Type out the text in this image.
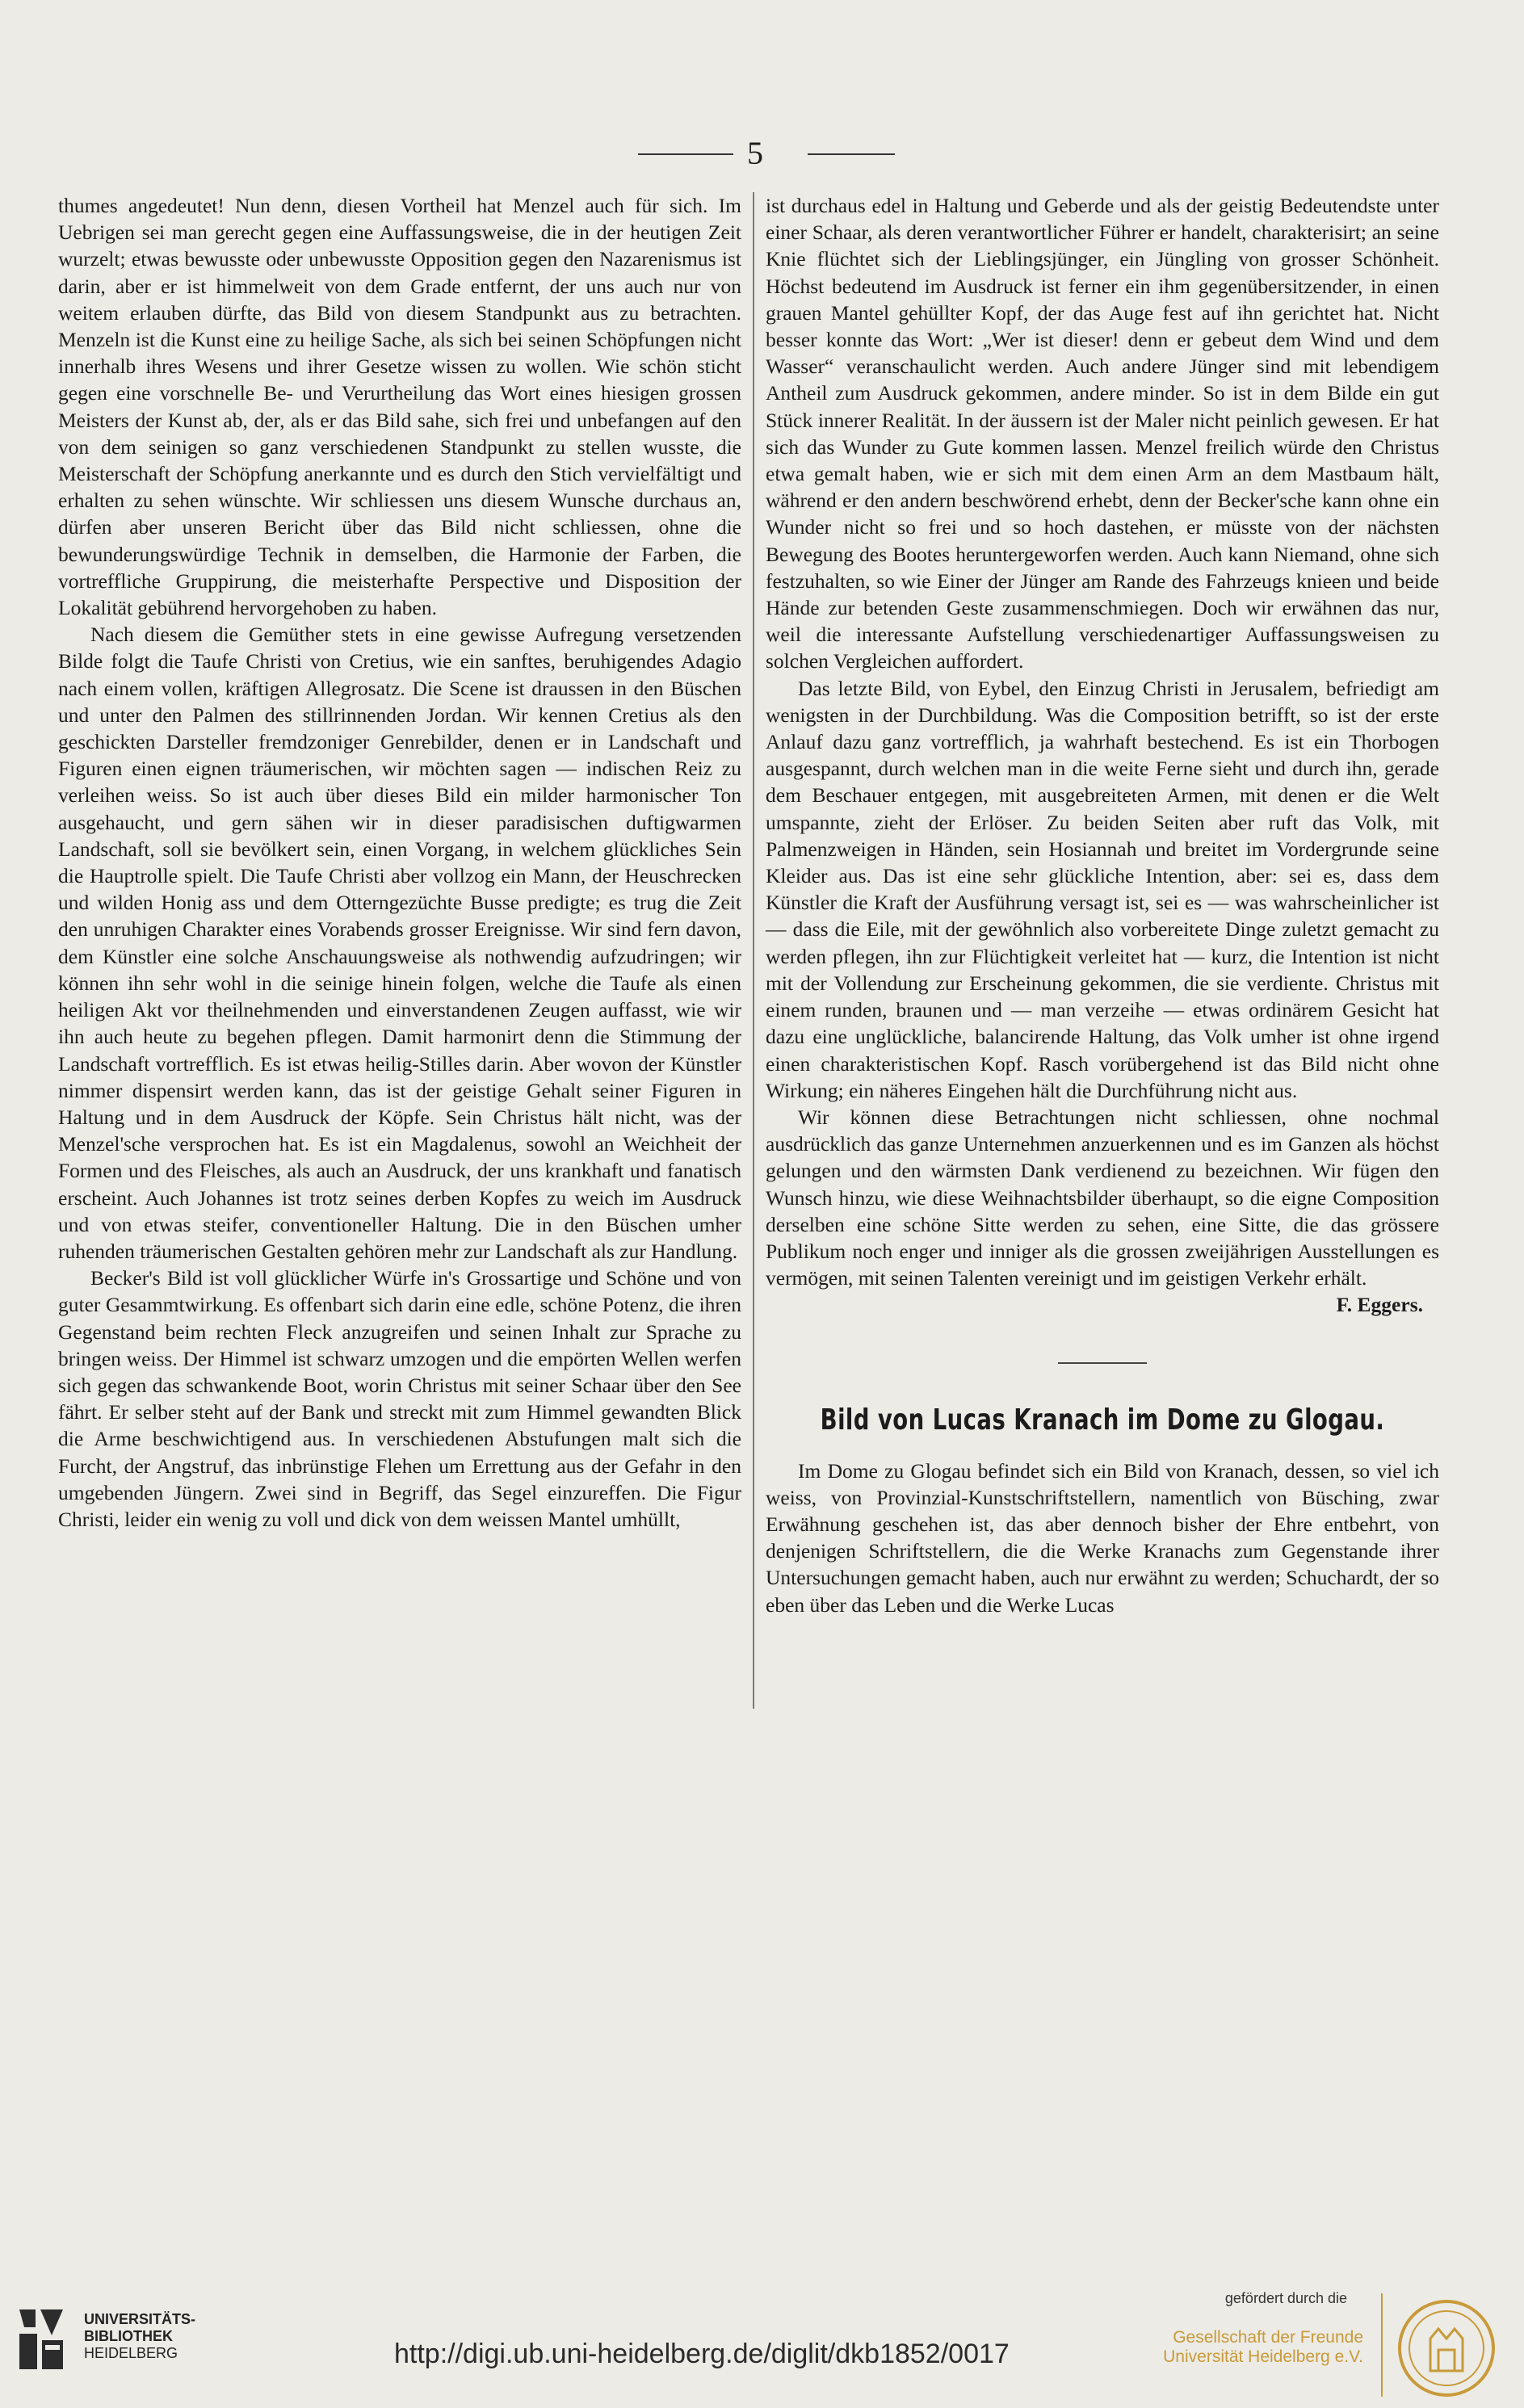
5

thumes angedeutet! Nun denn, diesen Vortheil hat Menzel auch für sich. Im Uebrigen sei man gerecht gegen eine Auffassungsweise, die in der heutigen Zeit wurzelt; etwas bewusste oder unbewusste Opposition gegen den Nazarenismus ist darin, aber er ist himmelweit von dem Grade entfernt, der uns auch nur von weitem erlauben dürfte, das Bild von diesem Standpunkt aus zu betrachten. Menzeln ist die Kunst eine zu heilige Sache, als sich bei seinen Schöpfungen nicht innerhalb ihres Wesens und ihrer Gesetze wissen zu wollen. Wie schön sticht gegen eine vorschnelle Be- und Verurtheilung das Wort eines hiesigen grossen Meisters der Kunst ab, der, als er das Bild sahe, sich frei und unbefangen auf den von dem seinigen so ganz verschiedenen Standpunkt zu stellen wusste, die Meisterschaft der Schöpfung anerkannte und es durch den Stich vervielfältigt und erhalten zu sehen wünschte. Wir schliessen uns diesem Wunsche durchaus an, dürfen aber unseren Bericht über das Bild nicht schliessen, ohne die bewunderungswürdige Technik in demselben, die Harmonie der Farben, die vortreffliche Gruppirung, die meisterhafte Perspective und Disposition der Lokalität gebührend hervorgehoben zu haben.

Nach diesem die Gemüther stets in eine gewisse Aufregung versetzenden Bilde folgt die Taufe Christi von Cretius, wie ein sanftes, beruhigendes Adagio nach einem vollen, kräftigen Allegrosatz. Die Scene ist draussen in den Büschen und unter den Palmen des stillrinnenden Jordan. Wir kennen Cretius als den geschickten Darsteller fremdzoniger Genrebilder, denen er in Landschaft und Figuren einen eignen träumerischen, wir möchten sagen — indischen Reiz zu verleihen weiss. So ist auch über dieses Bild ein milder harmonischer Ton ausgehaucht, und gern sähen wir in dieser paradisischen duftigwarmen Landschaft, soll sie bevölkert sein, einen Vorgang, in welchem glückliches Sein die Hauptrolle spielt. Die Taufe Christi aber vollzog ein Mann, der Heuschrecken und wilden Honig ass und dem Otterngezüchte Busse predigte; es trug die Zeit den unruhigen Charakter eines Vorabends grosser Ereignisse. Wir sind fern davon, dem Künstler eine solche Anschauungsweise als nothwendig aufzudringen; wir können ihn sehr wohl in die seinige hinein folgen, welche die Taufe als einen heiligen Akt vor theilnehmenden und einverstandenen Zeugen auffasst, wie wir ihn auch heute zu begehen pflegen. Damit harmonirt denn die Stimmung der Landschaft vortrefflich. Es ist etwas heilig-Stilles darin. Aber wovon der Künstler nimmer dispensirt werden kann, das ist der geistige Gehalt seiner Figuren in Haltung und in dem Ausdruck der Köpfe. Sein Christus hält nicht, was der Menzel'sche versprochen hat. Es ist ein Magdalenus, sowohl an Weichheit der Formen und des Fleisches, als auch an Ausdruck, der uns krankhaft und fanatisch erscheint. Auch Johannes ist trotz seines derben Kopfes zu weich im Ausdruck und von etwas steifer, conventioneller Haltung. Die in den Büschen umher ruhenden träumerischen Gestalten gehören mehr zur Landschaft als zur Handlung.

Becker's Bild ist voll glücklicher Würfe in's Grossartige und Schöne und von guter Gesammtwirkung. Es offenbart sich darin eine edle, schöne Potenz, die ihren Gegenstand beim rechten Fleck anzugreifen und seinen Inhalt zur Sprache zu bringen weiss. Der Himmel ist schwarz umzogen und die empörten Wellen werfen sich gegen das schwankende Boot, worin Christus mit seiner Schaar über den See fährt. Er selber steht auf der Bank und streckt mit zum Himmel gewandten Blick die Arme beschwichtigend aus. In verschiedenen Abstufungen malt sich die Furcht, der Angstruf, das inbrünstige Flehen um Errettung aus der Gefahr in den umgebenden Jüngern. Zwei sind in Begriff, das Segel einzureffen. Die Figur Christi, leider ein wenig zu voll und dick von dem weissen Mantel umhüllt,

ist durchaus edel in Haltung und Geberde und als der geistig Bedeutendste unter einer Schaar, als deren verantwortlicher Führer er handelt, charakterisirt; an seine Knie flüchtet sich der Lieblingsjünger, ein Jüngling von grosser Schönheit. Höchst bedeutend im Ausdruck ist ferner ein ihm gegenübersitzender, in einen grauen Mantel gehüllter Kopf, der das Auge fest auf ihn gerichtet hat. Nicht besser konnte das Wort: „Wer ist dieser! denn er gebeut dem Wind und dem Wasser“ veranschaulicht werden. Auch andere Jünger sind mit lebendigem Antheil zum Ausdruck gekommen, andere minder. So ist in dem Bilde ein gut Stück innerer Realität. In der äussern ist der Maler nicht peinlich gewesen. Er hat sich das Wunder zu Gute kommen lassen. Menzel freilich würde den Christus etwa gemalt haben, wie er sich mit dem einen Arm an dem Mastbaum hält, während er den andern beschwörend erhebt, denn der Becker'sche kann ohne ein Wunder nicht so frei und so hoch dastehen, er müsste von der nächsten Bewegung des Bootes heruntergeworfen werden. Auch kann Niemand, ohne sich festzuhalten, so wie Einer der Jünger am Rande des Fahrzeugs knieen und beide Hände zur betenden Geste zusammenschmiegen. Doch wir erwähnen das nur, weil die interessante Aufstellung verschiedenartiger Auffassungsweisen zu solchen Vergleichen auffordert.

Das letzte Bild, von Eybel, den Einzug Christi in Jerusalem, befriedigt am wenigsten in der Durchbildung. Was die Composition betrifft, so ist der erste Anlauf dazu ganz vortrefflich, ja wahrhaft bestechend. Es ist ein Thorbogen ausgespannt, durch welchen man in die weite Ferne sieht und durch ihn, gerade dem Beschauer entgegen, mit ausgebreiteten Armen, mit denen er die Welt umspannte, zieht der Erlöser. Zu beiden Seiten aber ruft das Volk, mit Palmenzweigen in Händen, sein Hosiannah und breitet im Vordergrunde seine Kleider aus. Das ist eine sehr glückliche Intention, aber: sei es, dass dem Künstler die Kraft der Ausführung versagt ist, sei es — was wahrscheinlicher ist — dass die Eile, mit der gewöhnlich also vorbereitete Dinge zuletzt gemacht zu werden pflegen, ihn zur Flüchtigkeit verleitet hat — kurz, die Intention ist nicht mit der Vollendung zur Erscheinung gekommen, die sie verdiente. Christus mit einem runden, braunen und — man verzeihe — etwas ordinärem Gesicht hat dazu eine unglückliche, balancirende Haltung, das Volk umher ist ohne irgend einen charakteristischen Kopf. Rasch vorübergehend ist das Bild nicht ohne Wirkung; ein näheres Eingehen hält die Durchführung nicht aus.

Wir können diese Betrachtungen nicht schliessen, ohne nochmal ausdrücklich das ganze Unternehmen anzuerkennen und es im Ganzen als höchst gelungen und den wärmsten Dank verdienend zu bezeichnen. Wir fügen den Wunsch hinzu, wie diese Weihnachtsbilder überhaupt, so die eigne Composition derselben eine schöne Sitte werden zu sehen, eine Sitte, die das grössere Publikum noch enger und inniger als die grossen zweijährigen Ausstellungen es vermögen, mit seinen Talenten vereinigt und im geistigen Verkehr erhält.

F. Eggers.
Bild von Lucas Kranach im Dome zu Glogau.

Im Dome zu Glogau befindet sich ein Bild von Kranach, dessen, so viel ich weiss, von Provinzial-Kunstschriftstellern, namentlich von Büsching, zwar Erwähnung geschehen ist, das aber dennoch bisher der Ehre entbehrt, von denjenigen Schriftstellern, die die Werke Kranachs zum Gegenstande ihrer Untersuchungen gemacht haben, auch nur erwähnt zu werden; Schuchardt, der so eben über das Leben und die Werke Lucas

UNIVERSITÄTS-
BIBLIOTHEK
HEIDELBERG	http://digi.ub.uni-heidelberg.de/diglit/dkb1852/0017
gefördert durch die
Gesellschaft der Freunde
Universität Heidelberg e.V.
